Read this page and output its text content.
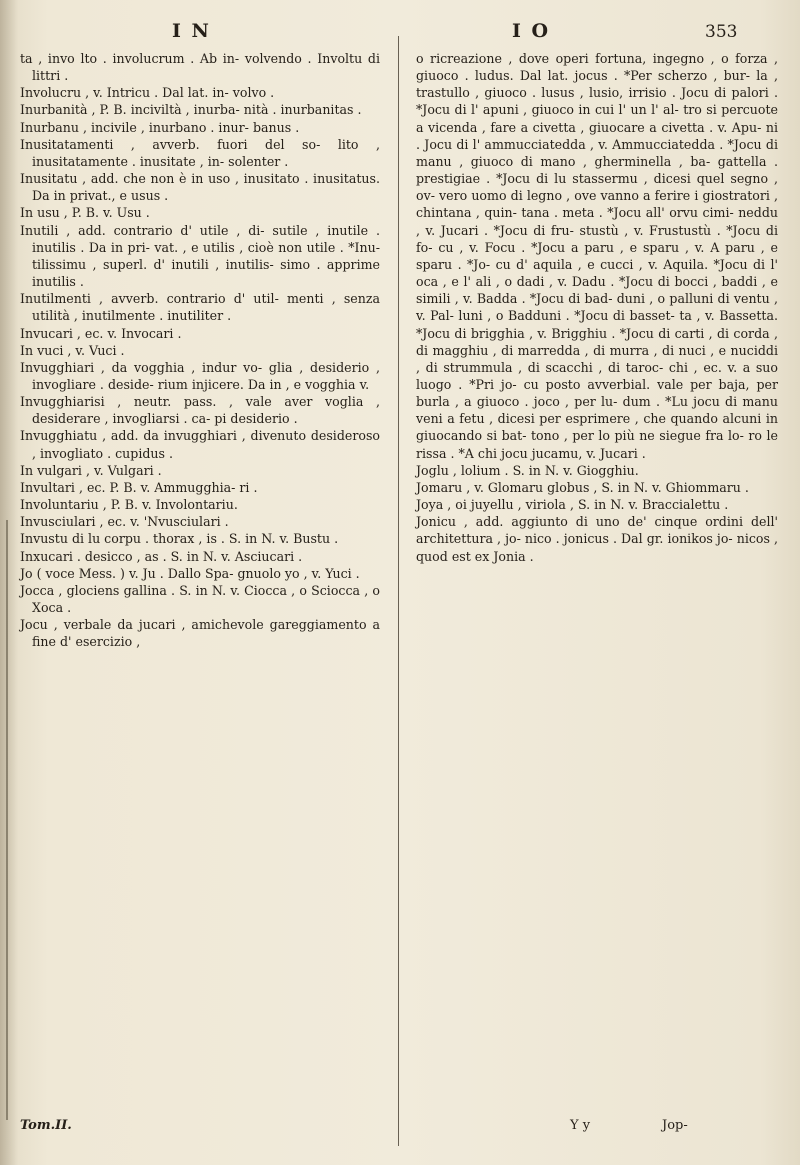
I N	I O	353

ta , invo lto . involucrum . Ab in- volvendo . Involtu di littri .

Involucru , v. Intricu . Dal lat. in- volvo .

Inurbanità , P. B. inciviltà , inurba- nità . inurbanitas .

Inurbanu , incivile , inurbano . inur- banus .

Inusitatamenti , avverb. fuori del so- lito , inusitatamente . inusitate , in- solenter .

Inusitatu , add. che non è in uso , inusitato . inusitatus. Da in privat., e usus .

In usu , P. B. v. Usu .

Inutili , add. contrario d' utile , di- sutile , inutile . inutilis . Da in pri- vat. , e utilis , cioè non utile . *Inu- tilissimu , superl. d' inutili , inutilis- simo . apprime inutilis .

Inutilmenti , avverb. contrario d' util- menti , senza utilità , inutilmente . inutiliter .

Invucari , ec. v. Invocari .

In vuci , v. Vuci .

Invugghiari , da vogghia , indur vo- glia , desiderio , invogliare . deside- rium injicere. Da in , e vogghia v.

Invugghiarisi , neutr. pass. , vale aver voglia , desiderare , invogliarsi . ca- pi desiderio .

Invugghiatu , add. da invugghiari , divenuto desideroso , invogliato . cupidus .

In vulgari , v. Vulgari .

Invultari , ec. P. B. v. Ammugghia- ri .

Involuntariu , P. B. v. Involontariu.

Invusciulari , ec. v. 'Nvusciulari .

Invustu di lu corpu . thorax , is . S. in N. v. Bustu .

Inxucari . desicco , as . S. in N. v. Asciucari .

Jo ( voce Mess. ) v. Ju . Dallo Spa- gnuolo yo , v. Yuci .

Jocca , glociens gallina . S. in N. v. Ciocca , o Sciocca , o Xoca .

Jocu , verbale da jucari , amichevole gareggiamento a fine d' esercizio ,

o ricreazione , dove operi fortuna, ingegno , o forza , giuoco . ludus. Dal lat. jocus . *Per scherzo , bur- la , trastullo , giuoco . lusus , lusio, irrisio . Jocu di palori . *Jocu di l' apuni , giuoco in cui l' un l' al- tro si percuote a vicenda , fare a civetta , giuocare a civetta . v. Apu- ni . Jocu di l' ammucciatedda , v. Ammucciatedda . *Jocu di manu , giuoco di mano , gherminella , ba- gattella . prestigiae . *Jocu di lu stassermu , dicesi quel segno , ov- vero uomo di legno , ove vanno a ferire i giostratori , chintana , quin- tana . meta . *Jocu all' orvu cimi- neddu , v. Jucari . *Jocu di fru- stustù , v. Frustustù . *Jocu di fo- cu , v. Focu . *Jocu a paru , e sparu , v. A paru , e sparu . *Jo- cu d' aquila , e cucci , v. Aquila. *Jocu di l' oca , e l' ali , o dadi , v. Dadu . *Jocu di bocci , baddi , e simili , v. Badda . *Jocu di bad- duni , o palluni di ventu , v. Pal- luni , o Badduni . *Jocu di basset- ta , v. Bassetta. *Jocu di brigghia , v. Brigghiu . *Jocu di carti , di corda , di magghiu , di marredda , di murra , di nuci , e nuciddi , di strummula , di scacchi , di taroc- chi , ec. v. a suo luogo . *Pri jo- cu posto avverbial. vale per baja, per burla , a giuoco . joco , per lu- dum . *Lu jocu di manu veni a fetu , dicesi per esprimere , che quando alcuni in giuocando si bat- tono , per lo più ne siegue fra lo- ro le rissa . *A chi jocu jucamu, v. Jucari .

Joglu , lolium . S. in N. v. Giogghiu.

Jomaru , v. Glomaru globus , S. in N. v. Ghiommaru .

Joya , oi juyellu , viriola , S. in N. v. Braccialettu .

Jonicu , add. aggiunto di uno de' cinque ordini dell' architettura , jo- nico . jonicus . Dal gr. ionikos jo- nicos , quod est ex Jonia .

Tom.II.	Y y	Jop-
